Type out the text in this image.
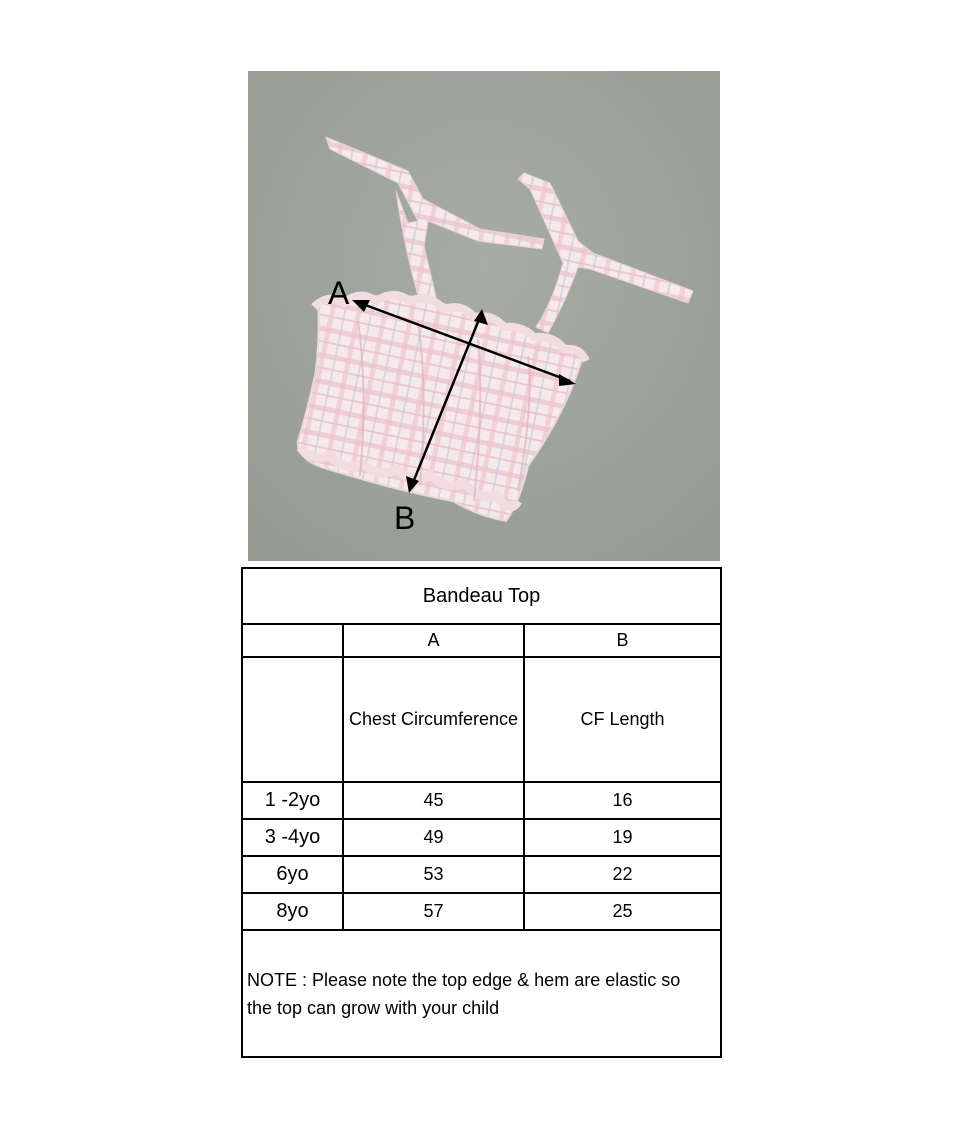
A
B
Bandeau Top		
	A	B
	Chest Circumference	CF Length
1 -2yo	45	16
3 -4yo	49	19
6yo	53	22
8yo	57	25

NOTE : Please note the top edge & hem are elastic so the top can grow with your child		
